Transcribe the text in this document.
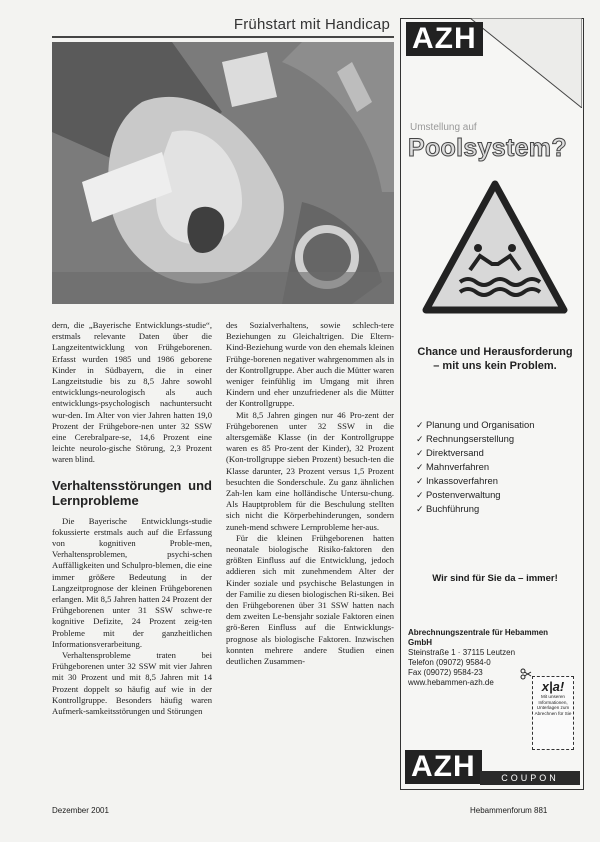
Frühstart mit Handicap

dern, die „Bayerische Entwicklungs-studie“, erstmals relevante Daten über die Langzeitentwicklung von Frühgeborenen. Erfasst wurden 1985 und 1986 geborene Kinder in Südbayern, die in einer Langzeitstudie bis zu 8,5 Jahre sowohl entwicklungs-neurologisch als auch entwicklungs-psychologisch nachuntersucht wur-den. Im Alter von vier Jahren hatten 19,0 Prozent der Frühgebore-nen unter 32 SSW eine Cerebralpare-se, 14,6 Prozent eine leichte neurolo-gische Störung, 2,3 Prozent waren blind.

Verhaltensstörungen und Lernprobleme

Die Bayerische Entwicklungs-studie fokussierte erstmals auch auf die Erfassung von kognitiven Proble-men, Verhaltensproblemen, psychi-schen Auffälligkeiten und Schulpro-blemen, die eine immer größere Bedeutung in der Langzeitprognose der kleinen Frühgeborenen erlangen. Mit 8,5 Jahren hatten 24 Prozent der Frühgeborenen unter 31 SSW schwe-re kognitive Defizite, 24 Prozent zeig-ten Probleme mit der ganzheitlichen Informationsverarbeitung.

Verhaltensprobleme traten bei Frühgeborenen unter 32 SSW mit vier Jahren mit 30 Prozent und mit 8,5 Jahren mit 14 Prozent doppelt so häufig auf wie in der Kontrollgruppe. Besonders häufig waren Aufmerk-samkeitsstörungen und Störungen

des Sozialverhaltens, sowie schlech-tere Beziehungen zu Gleichaltrigen. Die Eltern-Kind-Beziehung wurde von den ehemals kleinen Frühge-borenen negativer wahrgenommen als in der Kontrollgruppe. Aber auch die Mütter waren weniger feinfühlig im Umgang mit ihren Kindern und eher unzufriedener als die Mütter der Kontrollgruppe.

Mit 8,5 Jahren gingen nur 46 Pro-zent der Frühgeborenen unter 32 SSW in die altersgemäße Klasse (in der Kontrollgruppe waren es 85 Pro-zent der Kinder), 32 Prozent (Kon-trollgruppe sieben Prozent) besuch-ten die Klasse darunter, 23 Prozent versus 1,5 Prozent besuchten die Sonderschule. Zu ganz ähnlichen Zah-len kam eine holländische Untersu-chung. Als Hauptproblem für die Beschulung stellten sich nicht die Körperbehinderungen, sondern zuneh-mend schwere Lernprobleme her-aus.

Für die kleinen Frühgeborenen hatten neonatale biologische Risiko-faktoren den größten Einfluss auf die Entwicklung, jedoch addieren sich mit zunehmendem Alter der Kinder soziale und psychische Belastungen in der Familie zu diesen biologischen Ri-siken. Bei den Frühgeborenen über 31 SSW hatten nach dem zweiten Le-bensjahr soziale Faktoren einen grö-ßeren Einfluss auf die Entwicklungs-prognose als biologische Faktoren. Inzwischen konnten mehrere andere Studien einen deutlichen Zusammen-

Dezember 2001	Hebammenforum 881
AZH
Umstellung auf
Poolsystem?
Chance und Herausforderung – mit uns kein Problem.
✓ Planung und Organisation
✓ Rechnungserstellung
✓ Direktversand
✓ Mahnverfahren
✓ Inkassoverfahren
✓ Postenverwaltung
✓ Buchführung
Wir sind für Sie da – immer!
Abrechnungszentrale für Hebammen GmbH
Steinstraße 1 · 37115 Leutzen
Telefon (09072) 9584-0
Fax (09072) 9584-23
www.hebammen-azh.de	x|a!
Mit unseren Informationen, Unterlagen zum Abrechnen für Sie
AZH	COUPON
